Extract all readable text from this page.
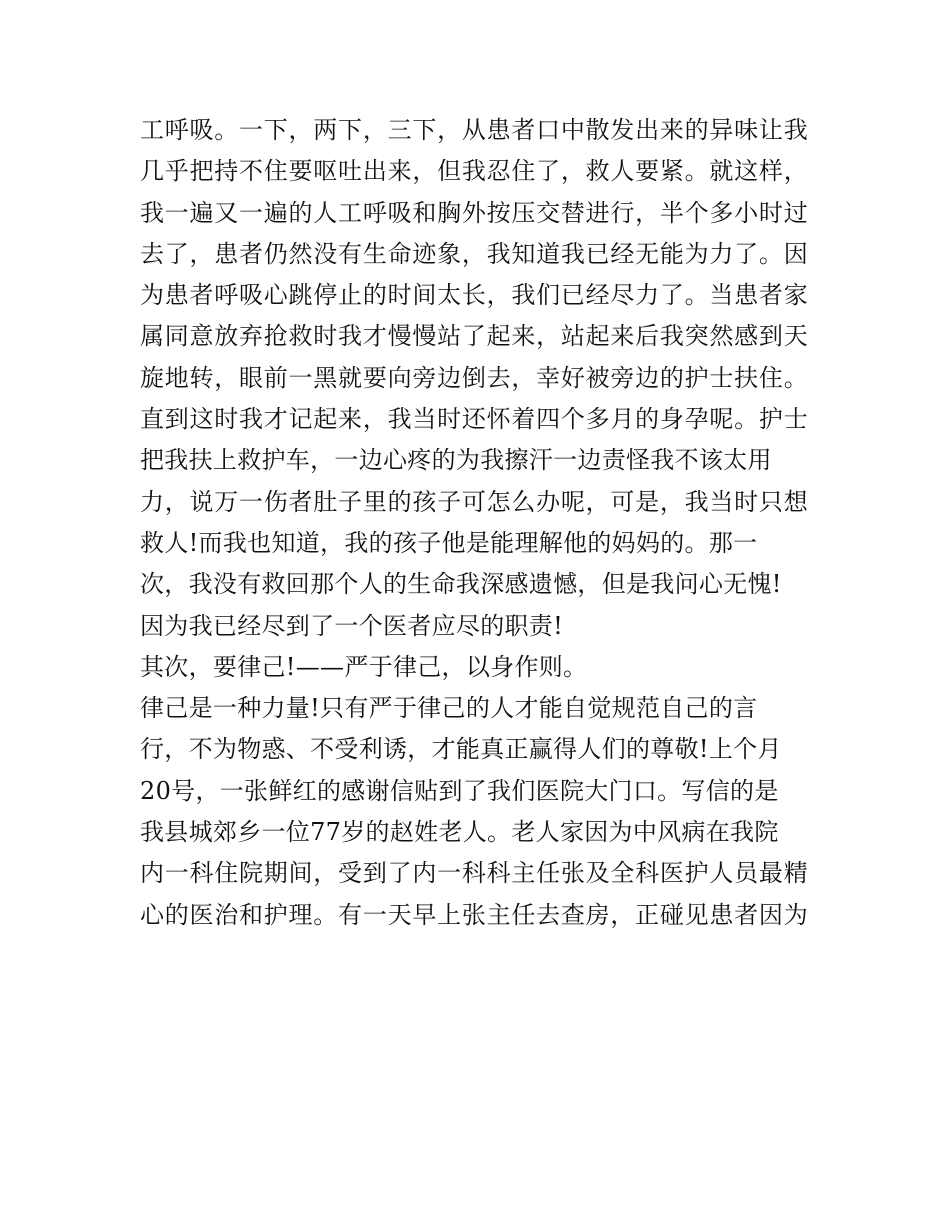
工呼吸。一下，两下，三下，从患者口中散发出来的异味让我
几乎把持不住要呕吐出来，但我忍住了，救人要紧。就这样，
我一遍又一遍的人工呼吸和胸外按压交替进行，半个多小时过
去了，患者仍然没有生命迹象，我知道我已经无能为力了。因
为患者呼吸心跳停止的时间太长，我们已经尽力了。当患者家
属同意放弃抢救时我才慢慢站了起来，站起来后我突然感到天
旋地转，眼前一黑就要向旁边倒去，幸好被旁边的护士扶住。
直到这时我才记起来，我当时还怀着四个多月的身孕呢。护士
把我扶上救护车，一边心疼的为我擦汗一边责怪我不该太用
力，说万一伤者肚子里的孩子可怎么办呢，可是，我当时只想
救人!而我也知道，我的孩子他是能理解他的妈妈的。那一
次，我没有救回那个人的生命我深感遗憾，但是我问心无愧!
因为我已经尽到了一个医者应尽的职责!
其次，要律己!——严于律己，以身作则。
律己是一种力量!只有严于律己的人才能自觉规范自己的言
行，不为物惑、不受利诱，才能真正赢得人们的尊敬!上个月
20号，一张鲜红的感谢信贴到了我们医院大门口。写信的是
我县城郊乡一位77岁的赵姓老人。老人家因为中风病在我院
内一科住院期间，受到了内一科科主任张及全科医护人员最精
心的医治和护理。有一天早上张主任去查房，正碰见患者因为
